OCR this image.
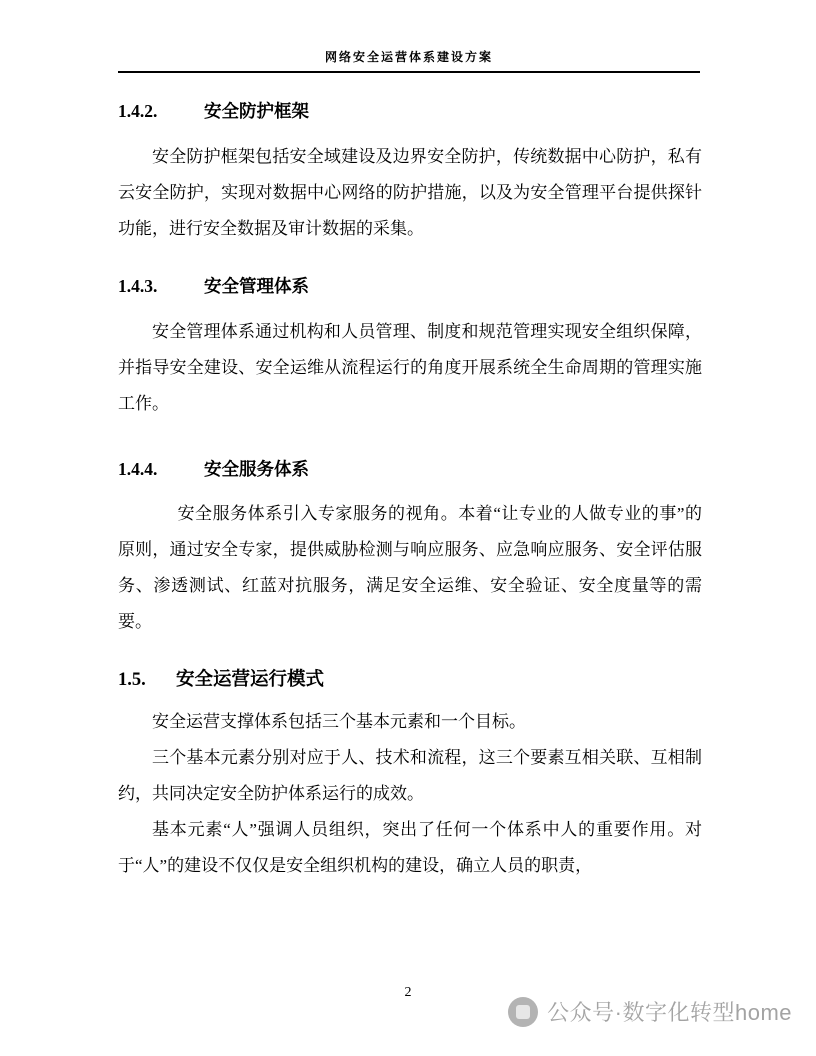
网络安全运营体系建设方案
1.4.2.	安全防护框架

安全防护框架包括安全域建设及边界安全防护，传统数据中心防护，私有云安全防护，实现对数据中心网络的防护措施，以及为安全管理平台提供探针功能，进行安全数据及审计数据的采集。

1.4.3.	安全管理体系

安全管理体系通过机构和人员管理、制度和规范管理实现安全组织保障，并指导安全建设、安全运维从流程运行的角度开展系统全生命周期的管理实施工作。

1.4.4.	安全服务体系

安全服务体系引入专家服务的视角。本着“让专业的人做专业的事”的原则，通过安全专家，提供威胁检测与响应服务、应急响应服务、安全评估服务、渗透测试、红蓝对抗服务，满足安全运维、安全验证、安全度量等的需要。

1.5. 安全运营运行模式

安全运营支撑体系包括三个基本元素和一个目标。

三个基本元素分别对应于人、技术和流程，这三个要素互相关联、互相制约，共同决定安全防护体系运行的成效。

基本元素“人”强调人员组织，突出了任何一个体系中人的重要作用。对于“人”的建设不仅仅是安全组织机构的建设，确立人员的职责，

2
公众号·数字化转型home
